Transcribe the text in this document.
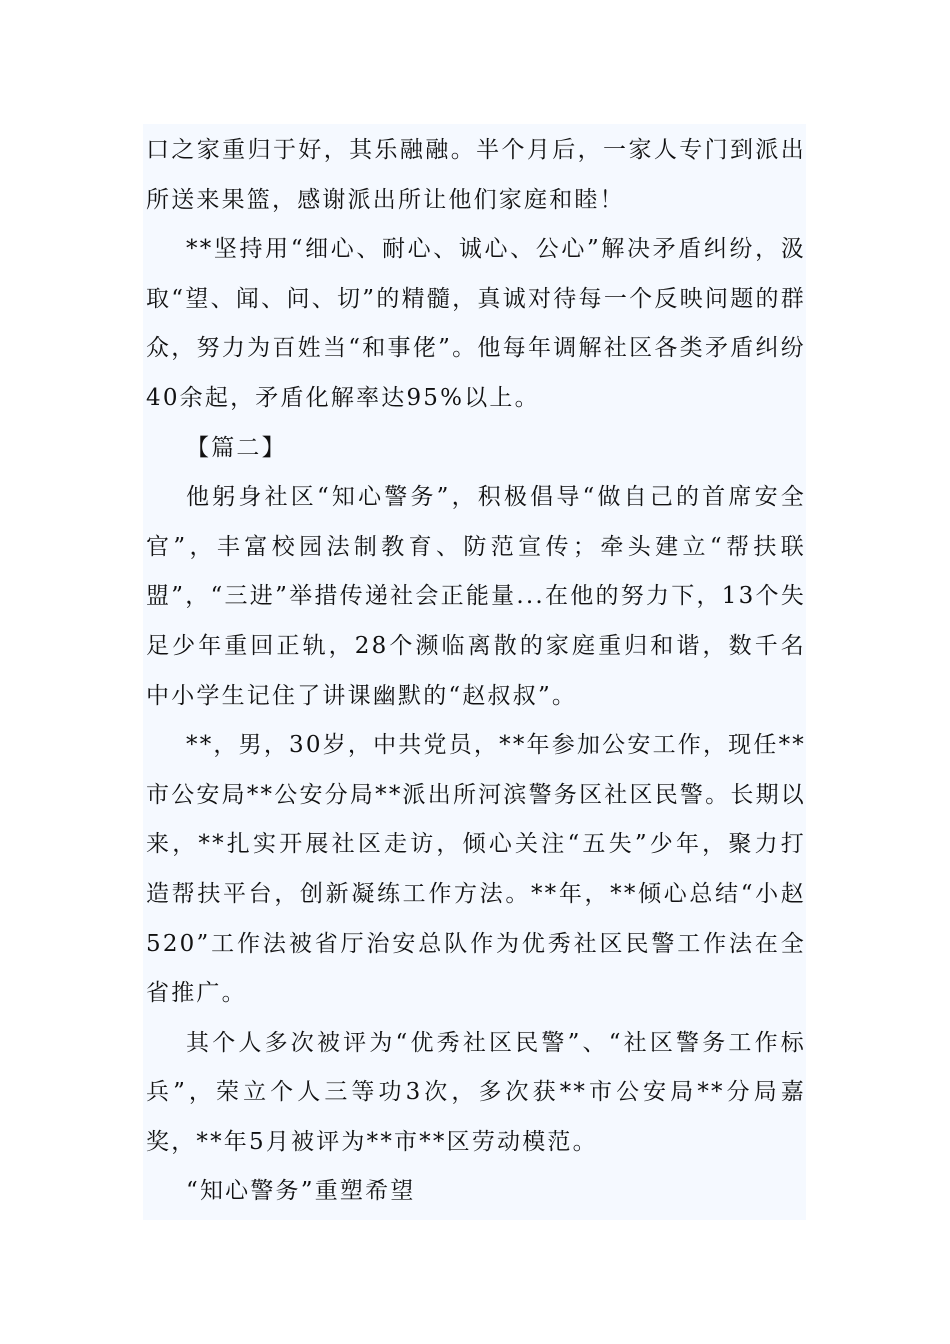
口之家重归于好，其乐融融。半个月后，一家人专门到派出所送来果篮，感谢派出所让他们家庭和睦！

**坚持用“细心、耐心、诚心、公心”解决矛盾纠纷，汲取“望、闻、问、切”的精髓，真诚对待每一个反映问题的群众，努力为百姓当“和事佬”。他每年调解社区各类矛盾纠纷40余起，矛盾化解率达95%以上。

【篇二】

他躬身社区“知心警务”，积极倡导“做自己的首席安全官”，丰富校园法制教育、防范宣传；牵头建立“帮扶联盟”，“三进”举措传递社会正能量...在他的努力下，13个失足少年重回正轨，28个濒临离散的家庭重归和谐，数千名中小学生记住了讲课幽默的“赵叔叔”。

**，男，30岁，中共党员，**年参加公安工作，现任**市公安局**公安分局**派出所河滨警务区社区民警。长期以来，**扎实开展社区走访，倾心关注“五失”少年，聚力打造帮扶平台，创新凝练工作方法。**年，**倾心总结“小赵520”工作法被省厅治安总队作为优秀社区民警工作法在全省推广。

其个人多次被评为“优秀社区民警”、“社区警务工作标兵”，荣立个人三等功3次，多次获**市公安局**分局嘉奖，**年5月被评为**市**区劳动模范。

“知心警务”重塑希望
